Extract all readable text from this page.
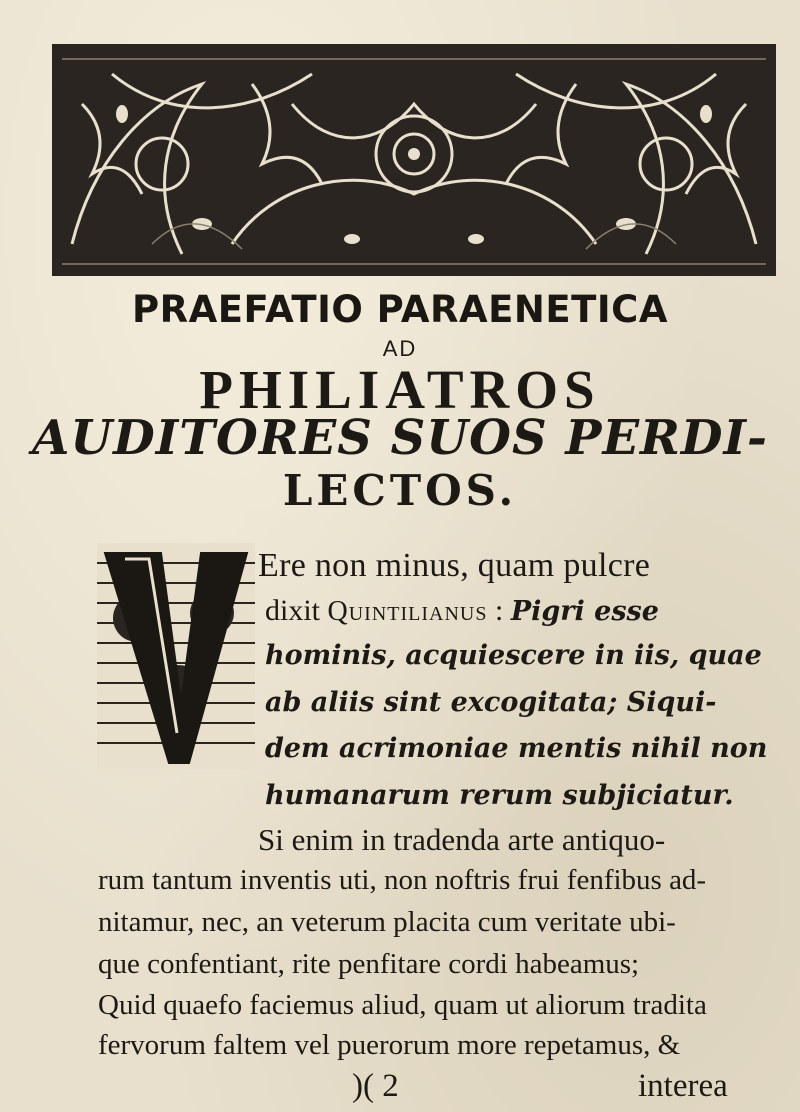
PRAEFATIO PARAENETICA
AD
PHILIATROS
AUDITORES SUOS PERDI-
LECTOS.
Ere non minus, quam pulcre
dixit Quintilianus : Pigri esse
hominis, acquiescere in iis, quae
ab aliis sint excogitata; Siqui-
dem acrimoniae mentis nihil non
humanarum rerum subjiciatur.
Si enim in tradenda arte antiquo-
rum tantum inventis uti, non noftris frui fenfibus ad-
nitamur, nec, an veterum placita cum veritate ubi-
que confentiant, rite penfitare cordi habeamus;
Quid quaefo faciemus aliud, quam ut aliorum tradita
fervorum faltem vel puerorum more repetamus, &
)( 2	interea
